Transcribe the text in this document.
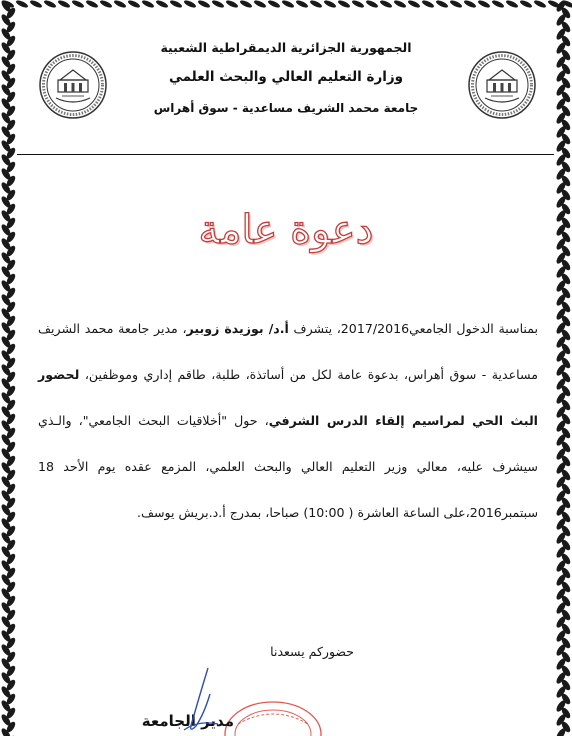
الجمهورية الجزائرية الديمقراطية الشعبية
وزارة التعليم العالي والبحث العلمي
جامعة محمد الشريف مساعدية - سوق أهراس
دعوة عامة
بمناسبة الدخول الجامعي2017/2016، يتشرف أ.د/ بوزيدة زوبير، مدير جامعة محمد الشريف مساعدية - سوق أهراس، بدعوة عامة لكل من أساتذة، طلبة، طاقم إداري وموظفين، لحضور البث الحي لمراسيم إلقاء الدرس الشرفي، حول "أخلاقيات البحث الجامعي"، والـذي سيشرف عليه، معالي وزير التعليم العالي والبحث العلمي، المزمع عقده يوم الأحد 18 سبتمبر2016،على الساعة العاشرة ( 10:00) صباحا، بمدرج أ.د.بريش يوسف.
حضوركم يسعدنا
مدير الجامعة
